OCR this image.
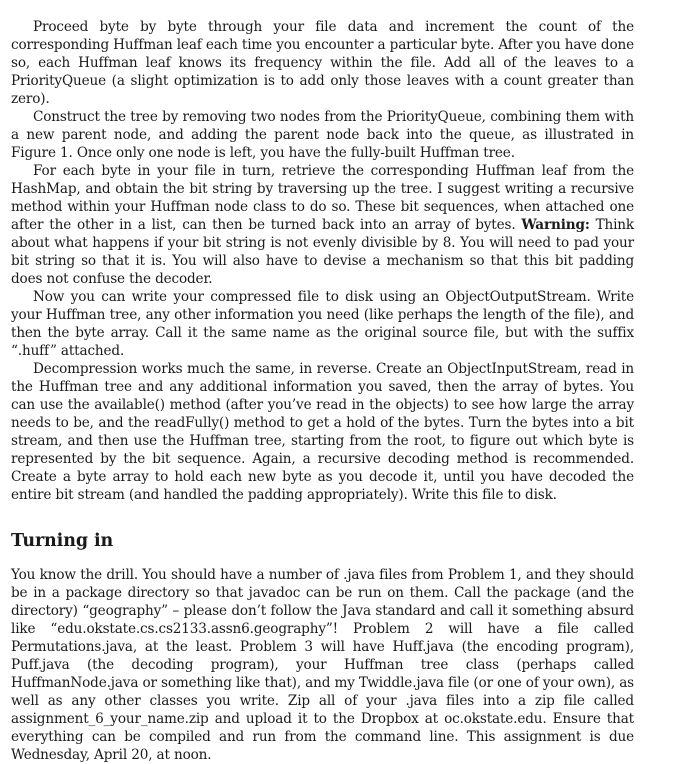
Proceed byte by byte through your file data and increment the count of the corresponding Huffman leaf each time you encounter a particular byte. After you have done so, each Huffman leaf knows its frequency within the file. Add all of the leaves to a PriorityQueue (a slight optimization is to add only those leaves with a count greater than zero).

Construct the tree by removing two nodes from the PriorityQueue, combining them with a new parent node, and adding the parent node back into the queue, as illustrated in Figure 1. Once only one node is left, you have the fully-built Huffman tree.

For each byte in your file in turn, retrieve the corresponding Huffman leaf from the HashMap, and obtain the bit string by traversing up the tree. I suggest writing a recursive method within your Huffman node class to do so. These bit sequences, when attached one after the other in a list, can then be turned back into an array of bytes. Warning: Think about what happens if your bit string is not evenly divisible by 8. You will need to pad your bit string so that it is. You will also have to devise a mechanism so that this bit padding does not confuse the decoder.

Now you can write your compressed file to disk using an ObjectOutputStream. Write your Huffman tree, any other information you need (like perhaps the length of the file), and then the byte array. Call it the same name as the original source file, but with the suffix “.huff” attached.

Decompression works much the same, in reverse. Create an ObjectInputStream, read in the Huffman tree and any additional information you saved, then the array of bytes. You can use the available() method (after you’ve read in the objects) to see how large the array needs to be, and the readFully() method to get a hold of the bytes. Turn the bytes into a bit stream, and then use the Huffman tree, starting from the root, to figure out which byte is represented by the bit sequence. Again, a recursive decoding method is recommended. Create a byte array to hold each new byte as you decode it, until you have decoded the entire bit stream (and handled the padding appropriately). Write this file to disk.

Turning in

You know the drill. You should have a number of .java files from Problem 1, and they should be in a package directory so that javadoc can be run on them. Call the package (and the directory) “geography” – please don’t follow the Java standard and call it something absurd like “edu.okstate.cs.cs2133.assn6.geography”! Problem 2 will have a file called Permutations.java, at the least. Problem 3 will have Huff.java (the encoding program), Puff.java (the decoding program), your Huffman tree class (perhaps called HuffmanNode.java or something like that), and my Twiddle.java file (or one of your own), as well as any other classes you write. Zip all of your .java files into a zip file called assignment_6_your_name.zip and upload it to the Dropbox at oc.okstate.edu. Ensure that everything can be compiled and run from the command line. This assignment is due Wednesday, April 20, at noon.
